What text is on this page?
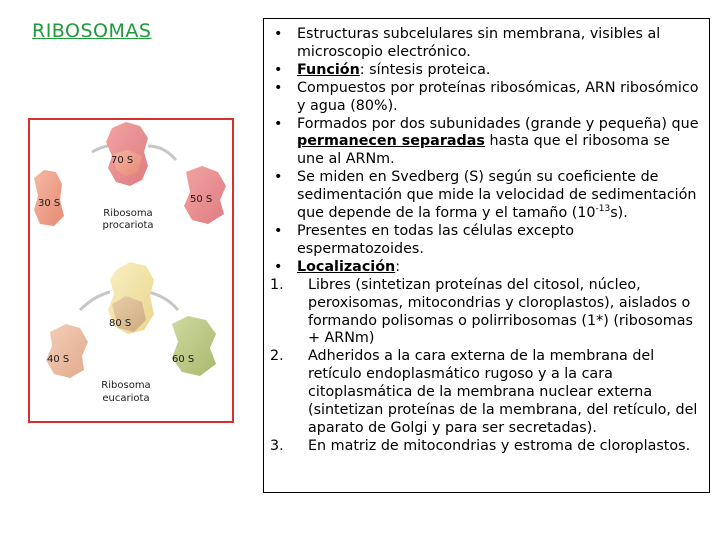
RIBOSOMAS
70 S
30 S	50 S
Ribosoma
procariota
80 S
40 S	60 S
Ribosoma
eucariota
• Estructuras subcelulares sin membrana, visibles al microscopio electrónico.
• Función: síntesis proteica.
• Compuestos por proteínas ribosómicas, ARN ribosómico y agua (80%).
• Formados por dos subunidades (grande y pequeña) que permanecen separadas hasta que el ribosoma se une al ARNm.
• Se miden en Svedberg (S) según su coeficiente de sedimentación que mide la velocidad de sedimentación que depende de la forma y el tamaño $(10^{-13}s)$.
• Presentes en todas las células excepto espermatozoides.
• Localización:
1. Libres (sintetizan proteínas del citosol, núcleo, peroxisomas, mitocondrias y cloroplastos), aislados o formando polisomas o polirribosomas (1*) (ribosomas + ARNm)
2. Adheridos a la cara externa de la membrana del retículo endoplasmático rugoso y a la cara citoplasmática de la membrana nuclear externa (sintetizan proteínas de la membrana, del retículo, del aparato de Golgi y para ser secretadas).
3. En matriz de mitocondrias y estroma de cloroplastos.
